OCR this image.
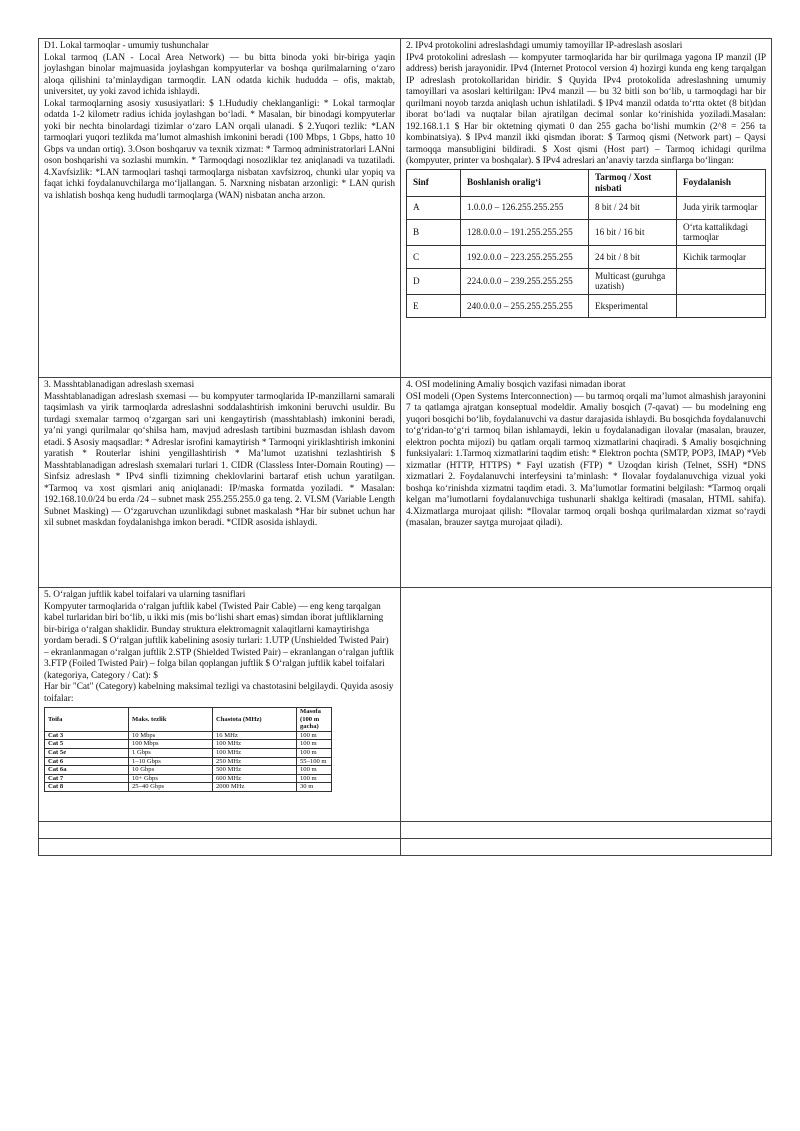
D1. Lokal tarmoqlar - umumiy tushunchalar
Lokal tarmoq (LAN - Local Area Network) — bu bitta binoda yoki bir-biriga yaqin joylashgan binolar majmuasida joylashgan kompyuterlar va boshqa qurilmalarning o‘zaro aloqa qilishini ta’minlaydigan tarmoqdir. LAN odatda kichik hududda – ofis, maktab, universitet, uy yoki zavod ichida ishlaydi.
Lokal tarmoqlarning asosiy xususiyatlari: $ 1.Hududiy cheklanganligi: * Lokal tarmoqlar odatda 1-2 kilometr radius ichida joylashgan bo‘ladi. * Masalan, bir binodagi kompyuterlar yoki bir nechta binolardagi tizimlar o‘zaro LAN orqali ulanadi. $ 2.Yuqori tezlik: *LAN tarmoqlari yuqori tezlikda ma’lumot almashish imkonini beradi (100 Mbps, 1 Gbps, hatto 10 Gbps va undan ortiq). 3.Oson boshqaruv va texnik xizmat: * Tarmoq administratorlari LANni oson boshqarishi va sozlashi mumkin. * Tarmoqdagi nosozliklar tez aniqlanadi va tuzatiladi. 4.Xavfsizlik: *LAN tarmoqlari tashqi tarmoqlarga nisbatan xavfsizroq, chunki ular yopiq va faqat ichki foydalanuvchilarga mo‘ljallangan. 5. Narxning nisbatan arzonligi: * LAN qurish va ishlatish boshqa keng hududli tarmoqlarga (WAN) nisbatan ancha arzon.

2. IPv4 protokolini adreslashdagi umumiy tamoyillar IP-adreslash asoslari
IPv4 protokolini adreslash — kompyuter tarmoqlarida har bir qurilmaga yagona IP manzil (IP address) berish jarayonidir. IPv4 (Internet Protocol version 4) hozirgi kunda eng keng tarqalgan IP adreslash protokollaridan biridir. $ Quyida IPv4 protokolida adreslashning umumiy tamoyillari va asoslari keltirilgan: IPv4 manzil — bu 32 bitli son bo‘lib, u tarmoqdagi har bir qurilmani noyob tarzda aniqlash uchun ishlatiladi. $ IPv4 manzil odatda to‘rtta oktet (8 bit)dan iborat bo‘ladi va nuqtalar bilan ajratilgan decimal sonlar ko‘rinishida yoziladi.Masalan: 192.168.1.1 $ Har bir oktetning qiymati 0 dan 255 gacha bo‘lishi mumkin (2^8 = 256 ta kombinatsiya). $ IPv4 manzil ikki qismdan iborat: $ Tarmoq qismi (Network part) – Qaysi tarmoqqa mansubligini bildiradi. $ Xost qismi (Host part) – Tarmoq ichidagi qurilma (kompyuter, printer va boshqalar). $ IPv4 adreslari an’anaviy tarzda sinflarga bo‘lingan:
Sinf	Boshlanish oralig‘i	Tarmoq / Xost nisbati	Foydalanish
A	1.0.0.0 – 126.255.255.255	8 bit / 24 bit	Juda yirik tarmoqlar
B	128.0.0.0 – 191.255.255.255	16 bit / 16 bit	O‘rta kattalikdagi tarmoqlar
C	192.0.0.0 – 223.255.255.255	24 bit / 8 bit	Kichik tarmoqlar
D	224.0.0.0 – 239.255.255.255	Multicast (guruhga uzatish)	
E	240.0.0.0 – 255.255.255.255	Eksperimental	

3. Masshtablanadigan adreslash sxemasi
Masshtablanadigan adreslash sxemasi — bu kompyuter tarmoqlarida IP-manzillarni samarali taqsimlash va yirik tarmoqlarda adreslashni soddalashtirish imkonini beruvchi usuldir. Bu turdagi sxemalar tarmoq o‘zgargan sari uni kengaytirish (masshtablash) imkonini beradi, ya’ni yangi qurilmalar qo‘shilsa ham, mavjud adreslash tartibini buzmasdan ishlash davom etadi. $ Asosiy maqsadlar: * Adreslar isrofini kamaytirish * Tarmoqni yiriklashtirish imkonini yaratish * Routerlar ishini yengillashtirish * Ma’lumot uzatishni tezlashtirish $ Masshtablanadigan adreslash sxemalari turlari 1. CIDR (Classless Inter-Domain Routing) — Sinfsiz adreslash * IPv4 sinfli tizimning cheklovlarini bartaraf etish uchun yaratilgan. *Tarmoq va xost qismlari aniq aniqlanadi: IP/maska formatda yoziladi. * Masalan: 192.168.10.0/24 bu erda /24 – subnet mask 255.255.255.0 ga teng. 2. VLSM (Variable Length Subnet Masking) — O‘zgaruvchan uzunlikdagi subnet maskalash *Har bir subnet uchun har xil subnet maskdan foydalanishga imkon beradi. *CIDR asosida ishlaydi.

4. OSI modelining Amaliy bosqich vazifasi nimadan iborat
OSI modeli (Open Systems Interconnection) — bu tarmoq orqali ma’lumot almashish jarayonini 7 ta qatlamga ajratgan konseptual modeldir. Amaliy bosqich (7-qavat) — bu modelning eng yuqori bosqichi bo‘lib, foydalanuvchi va dastur darajasida ishlaydi. Bu bosqichda foydalanuvchi to‘g‘ridan-to‘g‘ri tarmoq bilan ishlamaydi, lekin u foydalanadigan ilovalar (masalan, brauzer, elektron pochta mijozi) bu qatlam orqali tarmoq xizmatlarini chaqiradi. $ Amaliy bosqichning funksiyalari: 1.Tarmoq xizmatlarini taqdim etish: * Elektron pochta (SMTP, POP3, IMAP) *Veb xizmatlar (HTTP, HTTPS) * Fayl uzatish (FTP) * Uzoqdan kirish (Telnet, SSH) *DNS xizmatlari 2. Foydalanuvchi interfeysini ta’minlash: * Ilovalar foydalanuvchiga vizual yoki boshqa ko‘rinishda xizmatni taqdim etadi. 3. Ma’lumotlar formatini belgilash: *Tarmoq orqali kelgan ma’lumotlarni foydalanuvchiga tushunarli shaklga keltiradi (masalan, HTML sahifa). 4.Xizmatlarga murojaat qilish: *Ilovalar tarmoq orqali boshqa qurilmalardan xizmat so‘raydi (masalan, brauzer saytga murojaat qiladi).

5. O‘ralgan juftlik kabel toifalari va ularning tasniflari
Kompyuter tarmoqlarida o‘ralgan juftlik kabel (Twisted Pair Cable) — eng keng tarqalgan kabel turlaridan biri bo‘lib, u ikki mis (mis bo‘lishi shart emas) simdan iborat juftliklarning bir-biriga o‘ralgan shaklidir. Bunday struktura elektromagnit xalaqitlarni kamaytirishga yordam beradi. $ O‘ralgan juftlik kabelining asosiy turlari: 1.UTP (Unshielded Twisted Pair) – ekranlanmagan o‘ralgan juftlik 2.STP (Shielded Twisted Pair) – ekranlangan o‘ralgan juftlik 3.FTP (Foiled Twisted Pair) – folga bilan qoplangan juftlik $ O‘ralgan juftlik kabel toifalari (kategoriya, Category / Cat): $
Har bir "Cat" (Category) kabelning maksimal tezligi va chastotasini belgilaydi. Quyida asosiy toifalar:
Toifa	Maks. tezlik	Chastota (MHz)	Masofa (100 m gacha)
Cat 3	10 Mbps	16 MHz	100 m
Cat 5	100 Mbps	100 MHz	100 m
Cat 5e	1 Gbps	100 MHz	100 m
Cat 6	1–10 Gbps	250 MHz	55–100 m
Cat 6a	10 Gbps	500 MHz	100 m
Cat 7	10+ Gbps	600 MHz	100 m
Cat 8	25–40 Gbps	2000 MHz	30 m
